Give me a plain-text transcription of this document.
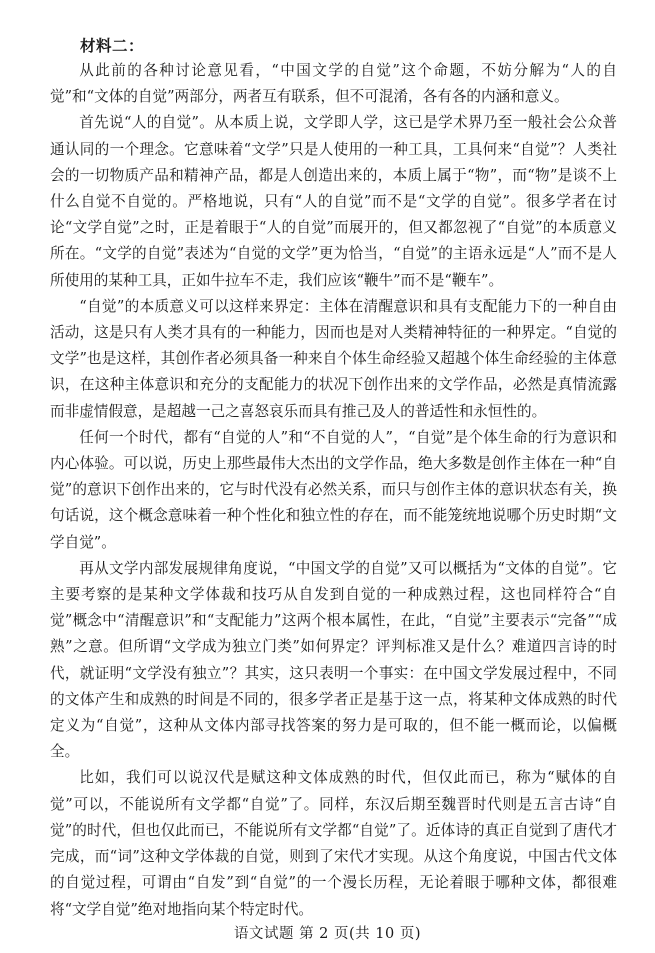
材料二：

从此前的各种讨论意见看，“中国文学的自觉”这个命题，不妨分解为“人的自觉”和“文体的自觉”两部分，两者互有联系，但不可混淆，各有各的内涵和意义。

首先说“人的自觉”。从本质上说，文学即人学，这已是学术界乃至一般社会公众普通认同的一个理念。它意味着“文学”只是人使用的一种工具，工具何来“自觉”？人类社会的一切物质产品和精神产品，都是人创造出来的，本质上属于“物”，而“物”是谈不上什么自觉不自觉的。严格地说，只有“人的自觉”而不是“文学的自觉”。很多学者在讨论“文学自觉”之时，正是着眼于“人的自觉”而展开的，但又都忽视了“自觉”的本质意义所在。“文学的自觉”表述为“自觉的文学”更为恰当，“自觉”的主语永远是“人”而不是人所使用的某种工具，正如牛拉车不走，我们应该“鞭牛”而不是“鞭车”。

“自觉”的本质意义可以这样来界定：主体在清醒意识和具有支配能力下的一种自由活动，这是只有人类才具有的一种能力，因而也是对人类精神特征的一种界定。“自觉的文学”也是这样，其创作者必须具备一种来自个体生命经验又超越个体生命经验的主体意识，在这种主体意识和充分的支配能力的状况下创作出来的文学作品，必然是真情流露而非虚情假意，是超越一己之喜怒哀乐而具有推己及人的普适性和永恒性的。

任何一个时代，都有“自觉的人”和“不自觉的人”，“自觉”是个体生命的行为意识和内心体验。可以说，历史上那些最伟大杰出的文学作品，绝大多数是创作主体在一种“自觉”的意识下创作出来的，它与时代没有必然关系，而只与创作主体的意识状态有关，换句话说，这个概念意味着一种个性化和独立性的存在，而不能笼统地说哪个历史时期“文学自觉”。

再从文学内部发展规律角度说，“中国文学的自觉”又可以概括为“文体的自觉”。它主要考察的是某种文学体裁和技巧从自发到自觉的一种成熟过程，这也同样符合“自觉”概念中“清醒意识”和“支配能力”这两个根本属性，在此，“自觉”主要表示“完备”“成熟”之意。但所谓“文学成为独立门类”如何界定？评判标准又是什么？难道四言诗的时代，就证明“文学没有独立”？其实，这只表明一个事实：在中国文学发展过程中，不同的文体产生和成熟的时间是不同的，很多学者正是基于这一点，将某种文体成熟的时代定义为“自觉”，这种从文体内部寻找答案的努力是可取的，但不能一概而论，以偏概全。

比如，我们可以说汉代是赋这种文体成熟的时代，但仅此而已，称为“赋体的自觉”可以，不能说所有文学都“自觉”了。同样，东汉后期至魏晋时代则是五言古诗“自觉”的时代，但也仅此而已，不能说所有文学都“自觉”了。近体诗的真正自觉到了唐代才完成，而“词”这种文学体裁的自觉，则到了宋代才实现。从这个角度说，中国古代文体的自觉过程，可谓由“自发”到“自觉”的一个漫长历程，无论着眼于哪种文体，都很难将“文学自觉”绝对地指向某个特定时代。

语文试题 第 2 页(共 10 页)
